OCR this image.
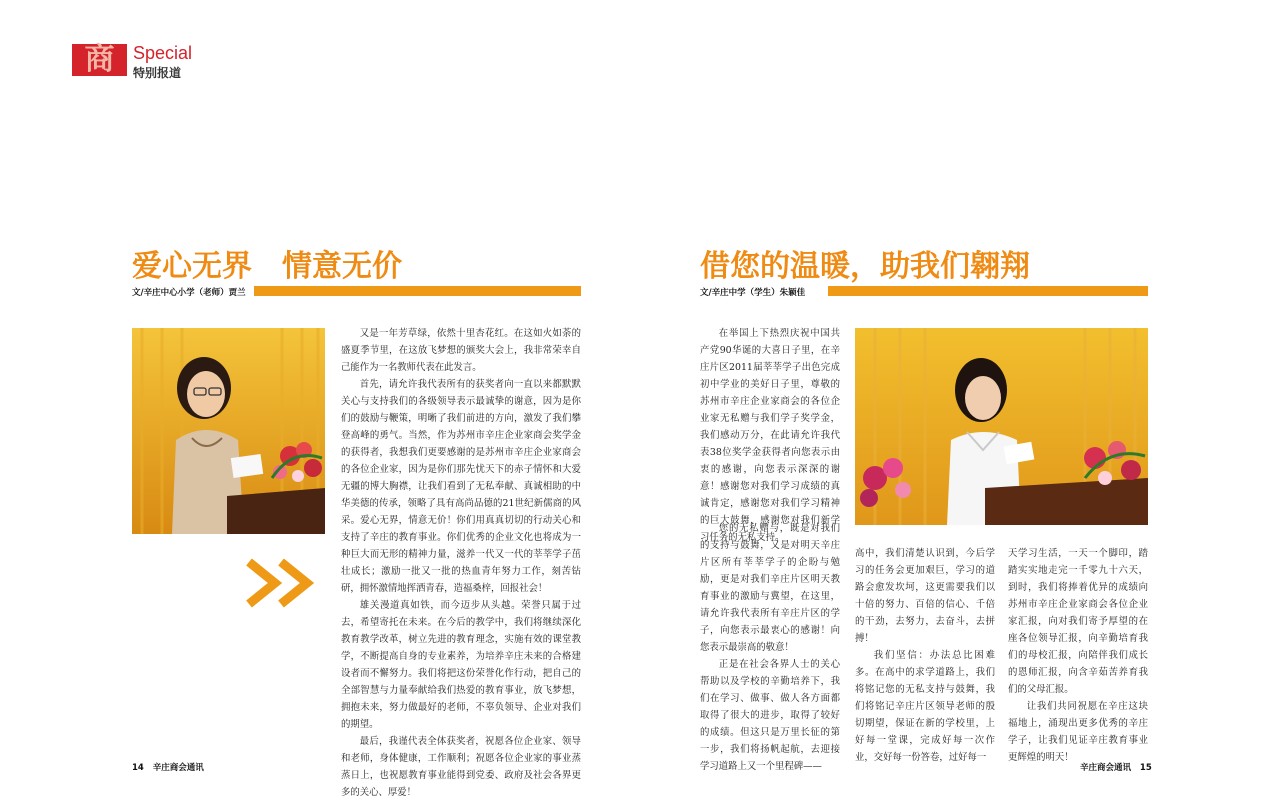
商	Special
特别报道
爱心无界　情意无价
文/辛庄中心小学（老师）贾兰

又是一年芳草绿，依然十里杏花红。在这如火如荼的盛夏季节里，在这放飞梦想的颁奖大会上，我非常荣幸自己能作为一名教师代表在此发言。

首先，请允许我代表所有的获奖者向一直以来都默默关心与支持我们的各级领导表示最诚挚的谢意，因为是你们的鼓励与鞭策，明晰了我们前进的方向，激发了我们攀登高峰的勇气。当然，作为苏州市辛庄企业家商会奖学金的获得者，我想我们更要感谢的是苏州市辛庄企业家商会的各位企业家，因为是你们那先忧天下的赤子情怀和大爱无疆的博大胸襟，让我们看到了无私奉献、真诚相助的中华美德的传承，领略了具有高尚品德的21世纪新儒商的风采。爱心无界，情意无价！你们用真真切切的行动关心和支持了辛庄的教育事业。你们优秀的企业文化也将成为一种巨大而无形的精神力量，滋养一代又一代的莘莘学子茁壮成长；激励一批又一批的热血青年努力工作，刻苦钻研，拥怀激情地挥洒青春，造福桑梓，回报社会！

雄关漫道真如铁，而今迈步从头越。荣誉只属于过去，希望寄托在未来。在今后的教学中，我们将继续深化教育教学改革，树立先进的教育理念，实施有效的课堂教学，不断提高自身的专业素养，为培养辛庄未来的合格建设者而不懈努力。我们将把这份荣誉化作行动，把自己的全部智慧与力量奉献给我们热爱的教育事业，放飞梦想，拥抱未来，努力做最好的老师，不辜负领导、企业对我们的期望。

最后，我谨代表全体获奖者，祝愿各位企业家、领导和老师，身体健康，工作顺利；祝愿各位企业家的事业蒸蒸日上，也祝愿教育事业能得到党委、政府及社会各界更多的关心、厚爱！

借您的温暖，助我们翱翔
文/辛庄中学（学生）朱颖佳

在举国上下热烈庆祝中国共产党90华诞的大喜日子里，在辛庄片区2011届莘莘学子出色完成初中学业的美好日子里，尊敬的苏州市辛庄企业家商会的各位企业家无私赠与我们学子奖学金，我们感动万分，在此请允许我代表38位奖学金获得者向您表示由衷的感谢，向您表示深深的谢意！感谢您对我们学习成绩的真诚肯定，感谢您对我们学习精神的巨大鼓舞，感谢您对我们新学习任务的无私支持。

您的无私赠与，既是对我们的支持与鼓舞，又是对明天辛庄片区所有莘莘学子的企盼与勉励，更是对我们辛庄片区明天教育事业的激励与冀望，在这里，请允许我代表所有辛庄片区的学子，向您表示最衷心的感谢！向您表示最崇高的敬意！

正是在社会各界人士的关心帮助以及学校的辛勤培养下，我们在学习、做事、做人各方面都取得了很大的进步，取得了较好的成绩。但这只是万里长征的第一步，我们将扬帆起航，去迎接学习道路上又一个里程碑——

高中，我们清楚认识到，今后学习的任务会更加艰巨，学习的道路会愈发坎坷，这更需要我们以十倍的努力、百倍的信心、千倍的干劲，去努力，去奋斗，去拼搏！

我们坚信：办法总比困难多。在高中的求学道路上，我们将铭记您的无私支持与鼓舞，我们将铭记辛庄片区领导老师的殷切期望，保证在新的学校里，上好每一堂课，完成好每一次作业，交好每一份答卷，过好每一

天学习生活，一天一个脚印，踏踏实实地走完一千零九十六天，到时，我们将捧着优异的成绩向苏州市辛庄企业家商会各位企业家汇报，向对我们寄予厚望的在座各位领导汇报，向辛勤培育我们的母校汇报，向陪伴我们成长的恩师汇报，向含辛茹苦养育我们的父母汇报。

让我们共同祝愿在辛庄这块福地上，涌现出更多优秀的辛庄学子，让我们见证辛庄教育事业更辉煌的明天！

14 辛庄商会通讯	辛庄商会通讯 15
